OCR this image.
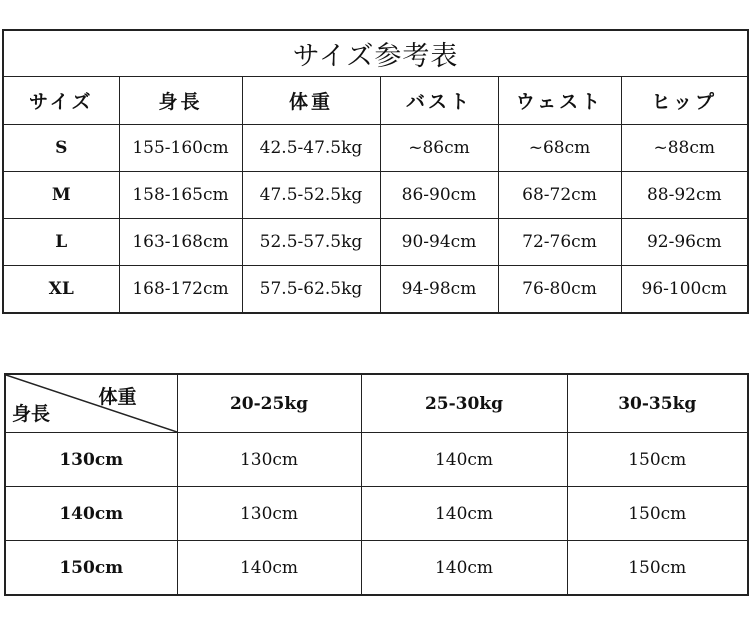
サイズ参考表					
サイズ	身長	体重	バスト	ウェスト	ヒップ
S	155-160cm	42.5-47.5kg	~86cm	~68cm	~88cm
M	158-165cm	47.5-52.5kg	86-90cm	68-72cm	88-92cm
L	163-168cm	52.5-57.5kg	90-94cm	72-76cm	92-96cm
XL	168-172cm	57.5-62.5kg	94-98cm	76-80cm	96-100cm
体重
身長	20-25kg	25-30kg	30-35kg
130cm	130cm	140cm	150cm
140cm	130cm	140cm	150cm
150cm	140cm	140cm	150cm
